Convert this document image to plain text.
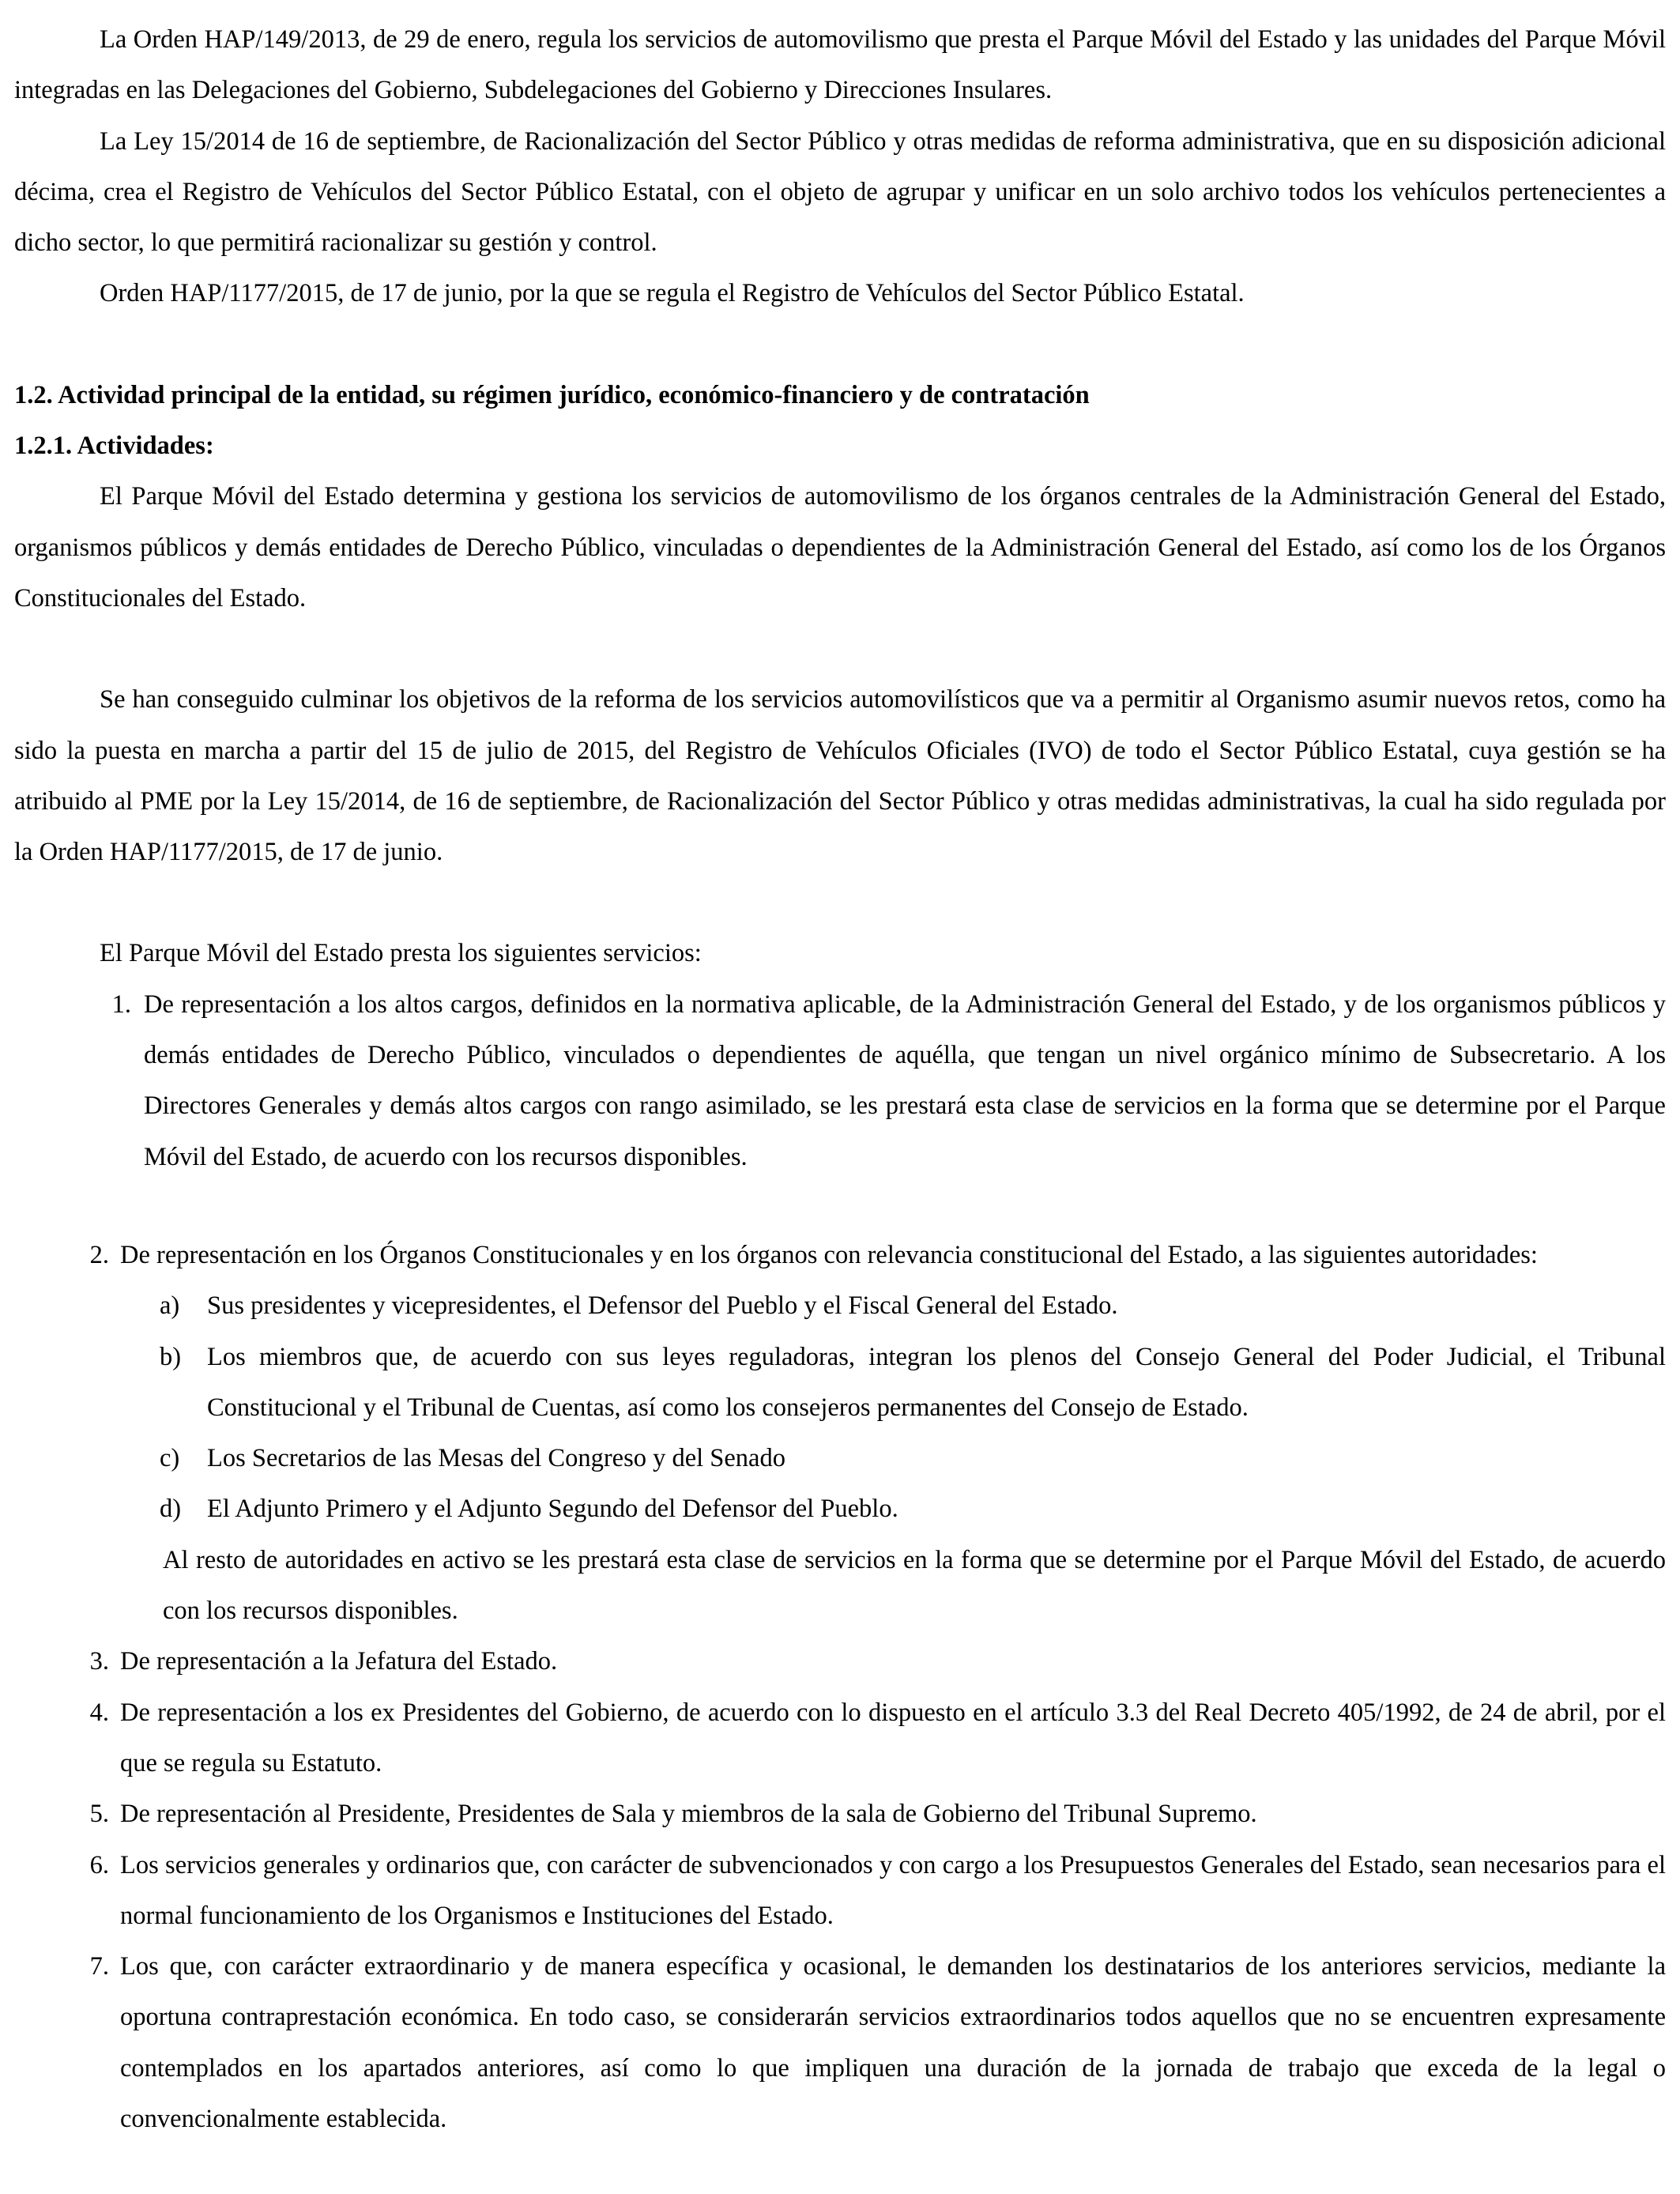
La Orden HAP/149/2013, de 29 de enero, regula los servicios de automovilismo que presta el Parque Móvil del Estado y las unidades del Parque Móvil integradas en las Delegaciones del Gobierno, Subdelegaciones del Gobierno y Direcciones Insulares.

La Ley 15/2014 de 16 de septiembre, de Racionalización del Sector Público y otras medidas de reforma administrativa, que en su disposición adicional décima, crea el Registro de Vehículos del Sector Público Estatal, con el objeto de agrupar y unificar en un solo archivo todos los vehículos pertenecientes a dicho sector, lo que permitirá racionalizar su gestión y control.

Orden HAP/1177/2015, de 17 de junio, por la que se regula el Registro de Vehículos del Sector Público Estatal.

1.2. Actividad principal de la entidad, su régimen jurídico, económico-financiero y de contratación

1.2.1. Actividades:

El Parque Móvil del Estado determina y gestiona los servicios de automovilismo de los órganos centrales de la Administración General del Estado, organismos públicos y demás entidades de Derecho Público, vinculadas o dependientes de la Administración General del Estado, así como los de los Órganos Constitucionales del Estado.

Se han conseguido culminar los objetivos de la reforma de los servicios automovilísticos que va a permitir al Organismo asumir nuevos retos, como ha sido la puesta en marcha a partir del 15 de julio de 2015, del Registro de Vehículos Oficiales (IVO) de todo el Sector Público Estatal, cuya gestión se ha atribuido al PME por la Ley 15/2014, de 16 de septiembre, de Racionalización del Sector Público y otras medidas administrativas, la cual ha sido regulada por la Orden HAP/1177/2015, de 17 de junio.

El Parque Móvil del Estado presta los siguientes servicios:

1. De representación a los altos cargos, definidos en la normativa aplicable, de la Administración General del Estado, y de los organismos públicos y demás entidades de Derecho Público, vinculados o dependientes de aquélla, que tengan un nivel orgánico mínimo de Subsecretario. A los Directores Generales y demás altos cargos con rango asimilado, se les prestará esta clase de servicios en la forma que se determine por el Parque Móvil del Estado, de acuerdo con los recursos disponibles.
2. De representación en los Órganos Constitucionales y en los órganos con relevancia constitucional del Estado, a las siguientes autoridades:
a)	Sus presidentes y vicepresidentes, el Defensor del Pueblo y el Fiscal General del Estado.
b)	Los miembros que, de acuerdo con sus leyes reguladoras, integran los plenos del Consejo General del Poder Judicial, el Tribunal Constitucional y el Tribunal de Cuentas, así como los consejeros permanentes del Consejo de Estado.
c)	Los Secretarios de las Mesas del Congreso y del Senado
d)	El Adjunto Primero y el Adjunto Segundo del Defensor del Pueblo.

Al resto de autoridades en activo se les prestará esta clase de servicios en la forma que se determine por el Parque Móvil del Estado, de acuerdo con los recursos disponibles.

3. De representación a la Jefatura del Estado.
4. De representación a los ex Presidentes del Gobierno, de acuerdo con lo dispuesto en el artículo 3.3 del Real Decreto 405/1992, de 24 de abril, por el que se regula su Estatuto.
5. De representación al Presidente, Presidentes de Sala y miembros de la sala de Gobierno del Tribunal Supremo.
6. Los servicios generales y ordinarios que, con carácter de subvencionados y con cargo a los Presupuestos Generales del Estado, sean necesarios para el normal funcionamiento de los Organismos e Instituciones del Estado.
7. Los que, con carácter extraordinario y de manera específica y ocasional, le demanden los destinatarios de los anteriores servicios, mediante la oportuna contraprestación económica. En todo caso, se considerarán servicios extraordinarios todos aquellos que no se encuentren expresamente contemplados en los apartados anteriores, así como lo que impliquen una duración de la jornada de trabajo que exceda de la legal o convencionalmente establecida.
